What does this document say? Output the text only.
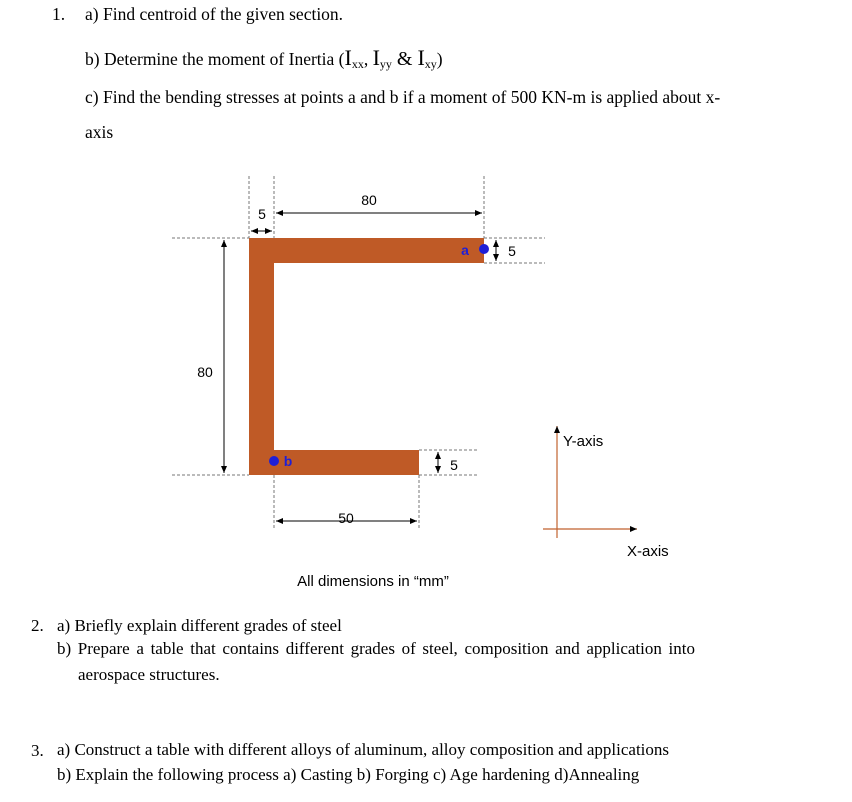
1. a) Find centroid of the given section.
b) Determine the moment of Inertia ($I_{xx}$, $I_{yy}$ & $I_{xy}$)
c) Find the bending stresses at points a and b if a moment of 500 KN-m is applied about x-
axis
80
5
5
80
5
50
a
b
Y-axis
X-axis
All dimensions in “mm”
2. a) Briefly explain different grades of steel
b) Prepare a table that contains different grades of steel, composition and application into
aerospace structures.
3. a) Construct a table with different alloys of aluminum, alloy composition and applications
b) Explain the following process a) Casting b) Forging c) Age hardening d)Annealing
